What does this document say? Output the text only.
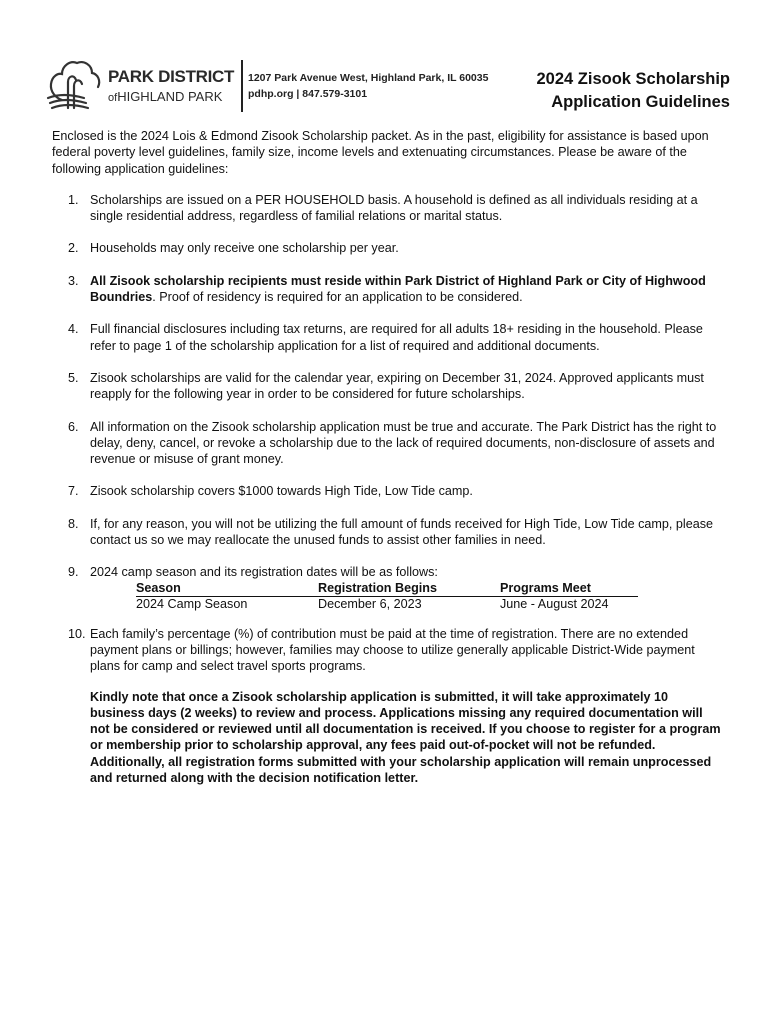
PARK DISTRICT
ofHIGHLAND PARK
1207 Park Avenue West, Highland Park, IL 60035
pdhp.org | 847.579-3101
2024 Zisook Scholarship
Application Guidelines

Enclosed is the 2024 Lois & Edmond Zisook Scholarship packet. As in the past, eligibility for assistance is based upon federal poverty level guidelines, family size, income levels and extenuating circumstances. Please be aware of the following application guidelines:

1. Scholarships are issued on a PER HOUSEHOLD basis. A household is defined as all individuals residing at a single residential address, regardless of familial relations or marital status.
2. Households may only receive one scholarship per year.
3. All Zisook scholarship recipients must reside within Park District of Highland Park or City of Highwood Boundries. Proof of residency is required for an application to be considered.
4. Full financial disclosures including tax returns, are required for all adults 18+ residing in the household. Please refer to page 1 of the scholarship application for a list of required and additional documents.
5. Zisook scholarships are valid for the calendar year, expiring on December 31, 2024. Approved applicants must reapply for the following year in order to be considered for future scholarships.
6. All information on the Zisook scholarship application must be true and accurate. The Park District has the right to delay, deny, cancel, or revoke a scholarship due to the lack of required documents, non-disclosure of assets and revenue or misuse of grant money.
7. Zisook scholarship covers $1000 towards High Tide, Low Tide camp.
8. If, for any reason, you will not be utilizing the full amount of funds received for High Tide, Low Tide camp, please contact us so we may reallocate the unused funds to assist other families in need.
9. 2024 camp season and its registration dates will be as follows:
Season	Registration Begins	Programs Meet
2024 Camp Season	December 6, 2023	June - August 2024
10. Each family’s percentage (%) of contribution must be paid at the time of registration. There are no extended payment plans or billings; however, families may choose to utilize generally applicable District-Wide payment plans for camp and select travel sports programs.

Kindly note that once a Zisook scholarship application is submitted, it will take approximately 10 business days (2 weeks) to review and process. Applications missing any required documentation will not be considered or reviewed until all documentation is received. If you choose to register for a program or membership prior to scholarship approval, any fees paid out-of-pocket will not be refunded. Additionally, all registration forms submitted with your scholarship application will remain unprocessed and returned along with the decision notification letter.
